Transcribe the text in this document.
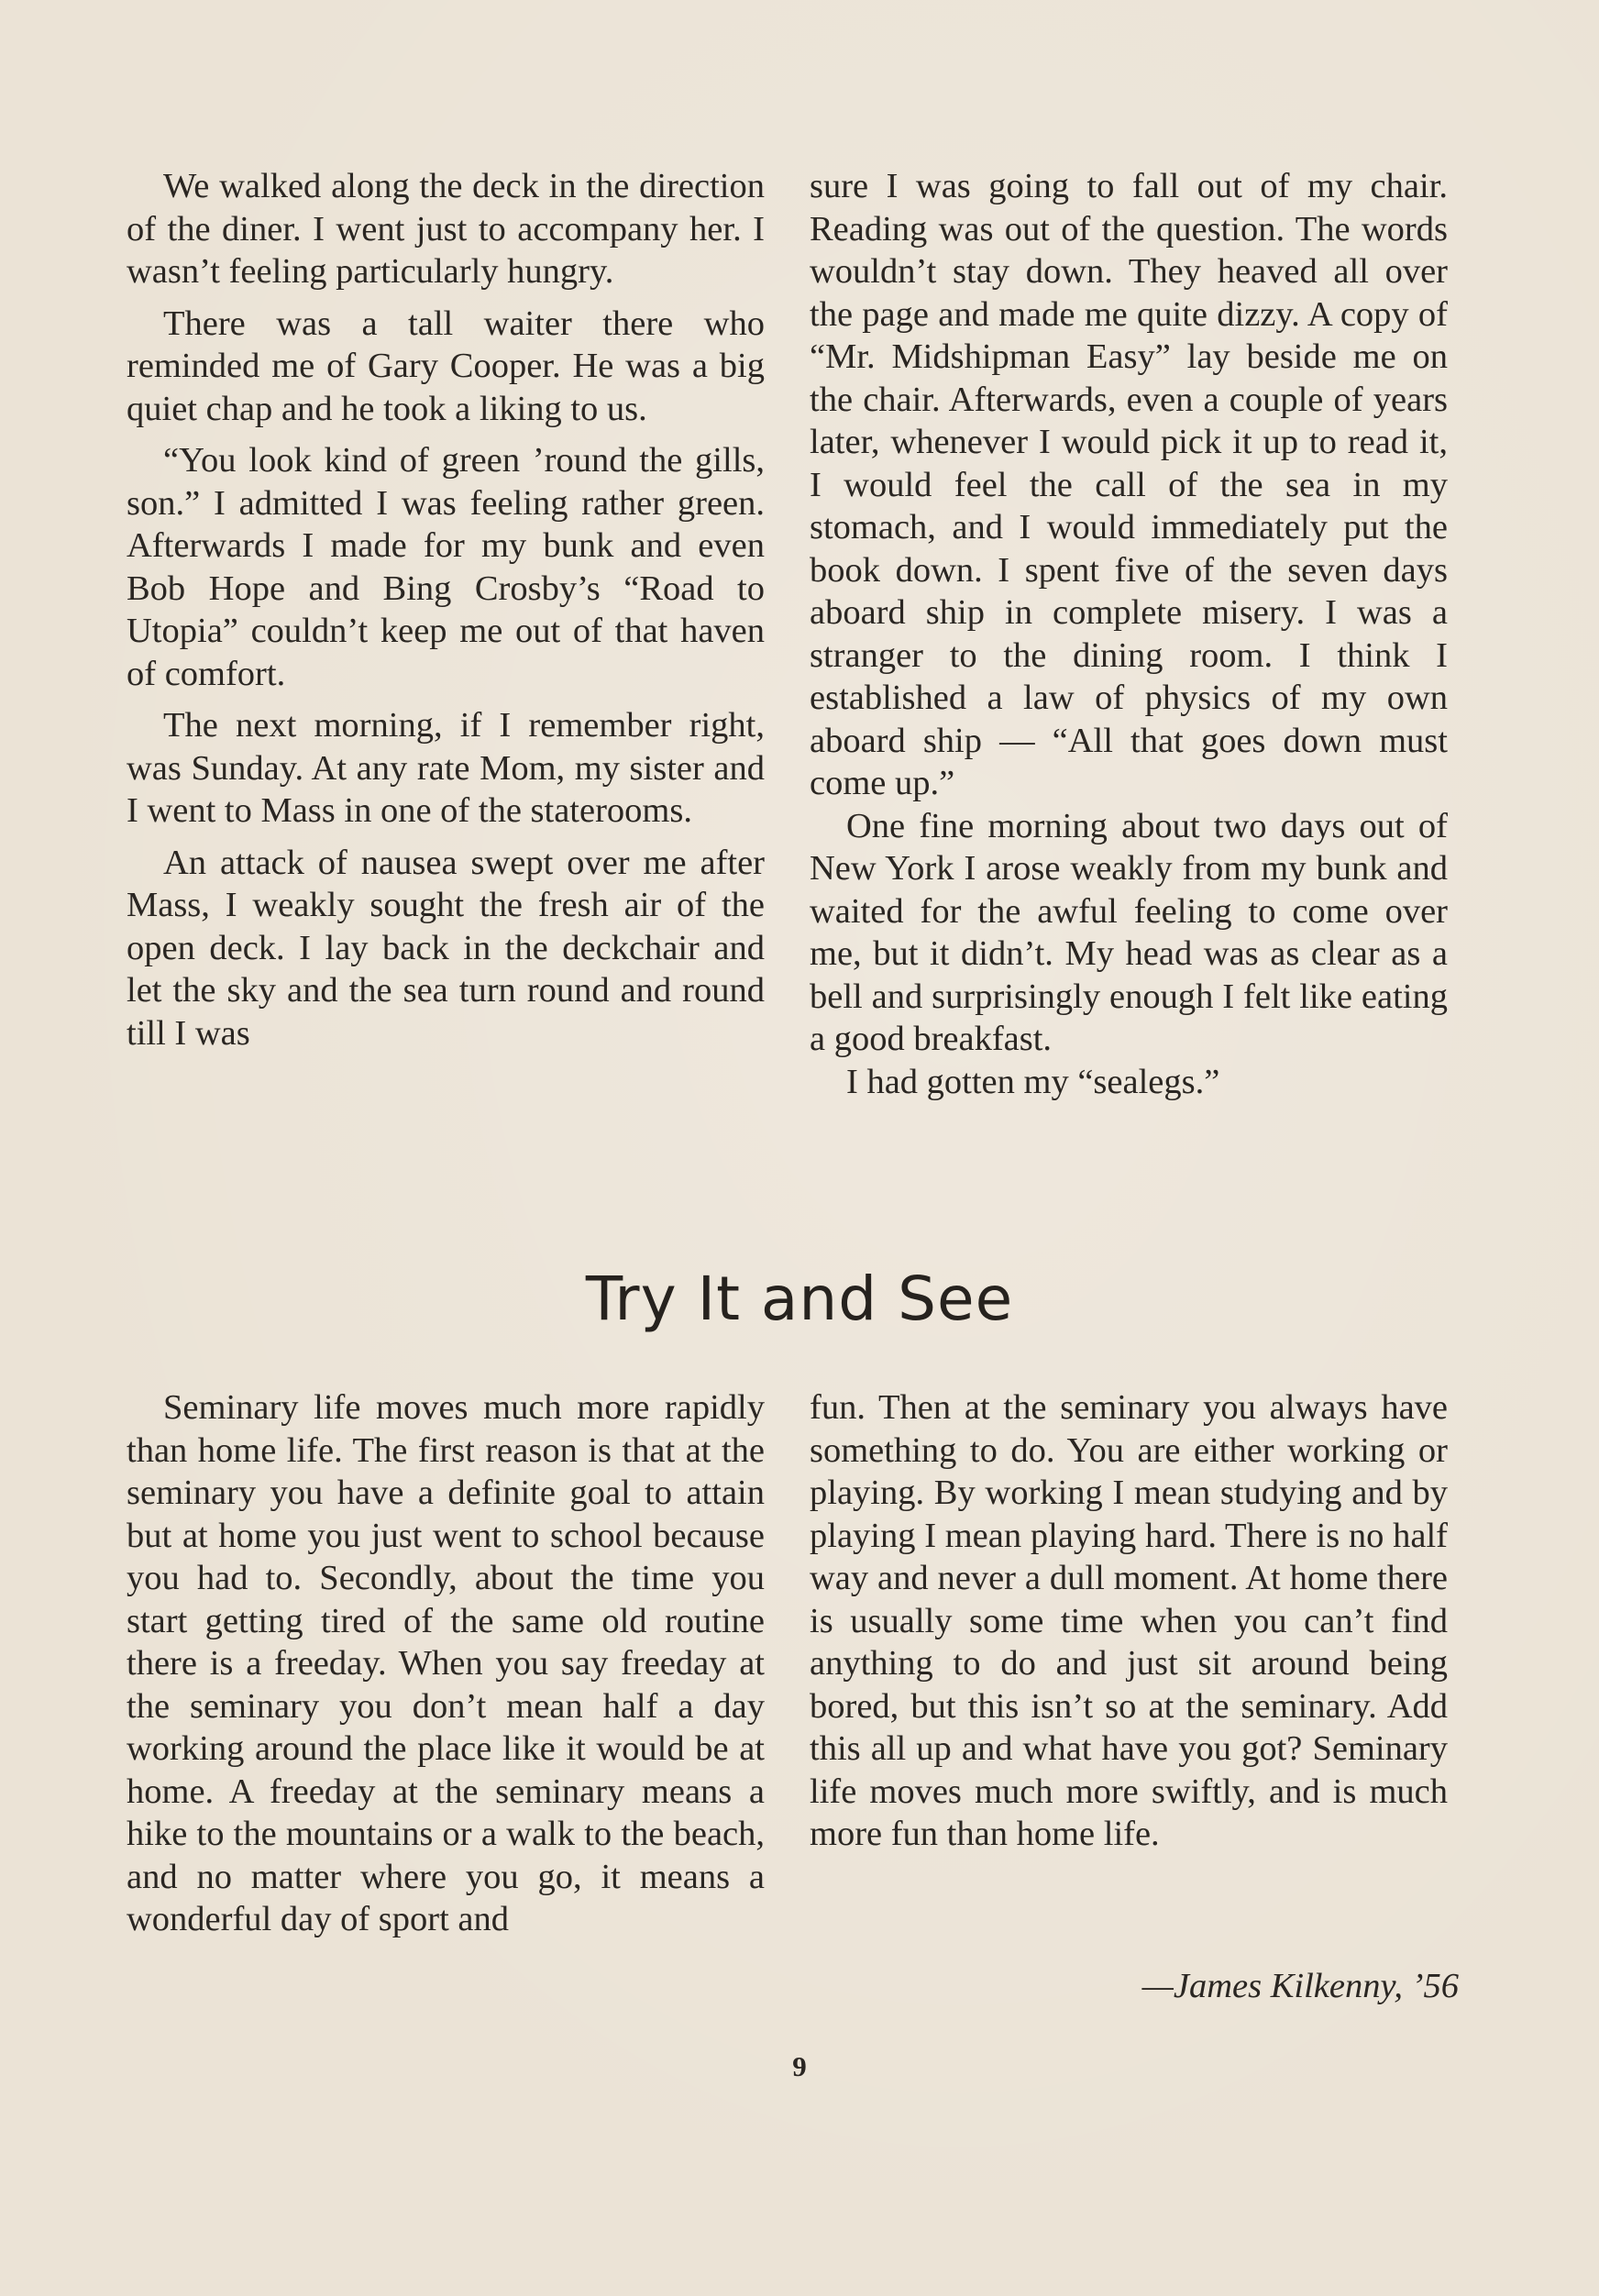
We walked along the deck in the direction of the diner. I went just to accompany her. I wasn’t feeling particularly hungry.

There was a tall waiter there who reminded me of Gary Cooper. He was a big quiet chap and he took a liking to us.

“You look kind of green ’round the gills, son.” I admitted I was feeling rather green. Afterwards I made for my bunk and even Bob Hope and Bing Crosby’s “Road to Utopia” couldn’t keep me out of that haven of comfort.

The next morning, if I remember right, was Sunday. At any rate Mom, my sister and I went to Mass in one of the staterooms.

An attack of nausea swept over me after Mass, I weakly sought the fresh air of the open deck. I lay back in the deckchair and let the sky and the sea turn round and round till I was

sure I was going to fall out of my chair. Reading was out of the question. The words wouldn’t stay down. They heaved all over the page and made me quite dizzy. A copy of “Mr. Midshipman Easy” lay beside me on the chair. Afterwards, even a couple of years later, whenever I would pick it up to read it, I would feel the call of the sea in my stomach, and I would immediately put the book down. I spent five of the seven days aboard ship in complete misery. I was a stranger to the dining room. I think I established a law of physics of my own aboard ship — “All that goes down must come up.”

One fine morning about two days out of New York I arose weakly from my bunk and waited for the awful feeling to come over me, but it didn’t. My head was as clear as a bell and surprisingly enough I felt like eating a good breakfast.

I had gotten my “sealegs.”

Try It and See

Seminary life moves much more rapidly than home life. The first reason is that at the seminary you have a definite goal to attain but at home you just went to school because you had to. Secondly, about the time you start getting tired of the same old routine there is a freeday. When you say freeday at the seminary you don’t mean half a day working around the place like it would be at home. A freeday at the seminary means a hike to the mountains or a walk to the beach, and no matter where you go, it means a wonderful day of sport and

fun. Then at the seminary you always have something to do. You are either working or playing. By working I mean studying and by playing I mean playing hard. There is no half way and never a dull moment. At home there is usually some time when you can’t find anything to do and just sit around being bored, but this isn’t so at the seminary. Add this all up and what have you got? Seminary life moves much more swiftly, and is much more fun than home life.

—James Kilkenny, ’56
9
